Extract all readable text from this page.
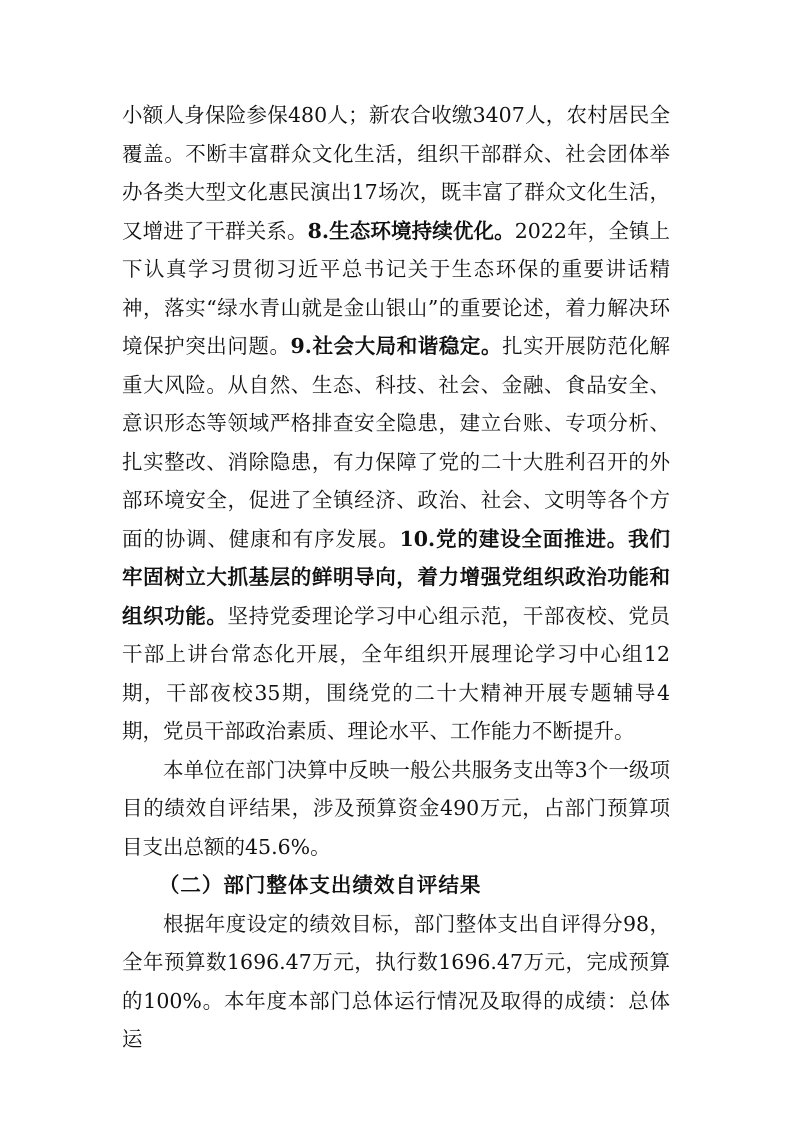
小额人身保险参保480人；新农合收缴3407人，农村居民全覆盖。不断丰富群众文化生活，组织干部群众、社会团体举办各类大型文化惠民演出17场次，既丰富了群众文化生活，又增进了干群关系。8.生态环境持续优化。2022年，全镇上下认真学习贯彻习近平总书记关于生态环保的重要讲话精神，落实“绿水青山就是金山银山”的重要论述，着力解决环境保护突出问题。9.社会大局和谐稳定。扎实开展防范化解重大风险。从自然、生态、科技、社会、金融、食品安全、意识形态等领域严格排查安全隐患，建立台账、专项分析、扎实整改、消除隐患，有力保障了党的二十大胜利召开的外部环境安全，促进了全镇经济、政治、社会、文明等各个方面的协调、健康和有序发展。10.党的建设全面推进。我们牢固树立大抓基层的鲜明导向，着力增强党组织政治功能和组织功能。坚持党委理论学习中心组示范，干部夜校、党员干部上讲台常态化开展，全年组织开展理论学习中心组12期，干部夜校35期，围绕党的二十大精神开展专题辅导4期，党员干部政治素质、理论水平、工作能力不断提升。

本单位在部门决算中反映一般公共服务支出等3个一级项目的绩效自评结果，涉及预算资金490万元，占部门预算项目支出总额的45.6%。

（二）部门整体支出绩效自评结果

根据年度设定的绩效目标，部门整体支出自评得分98，全年预算数1696.47万元，执行数1696.47万元，完成预算的100%。本年度本部门总体运行情况及取得的成绩：总体运
